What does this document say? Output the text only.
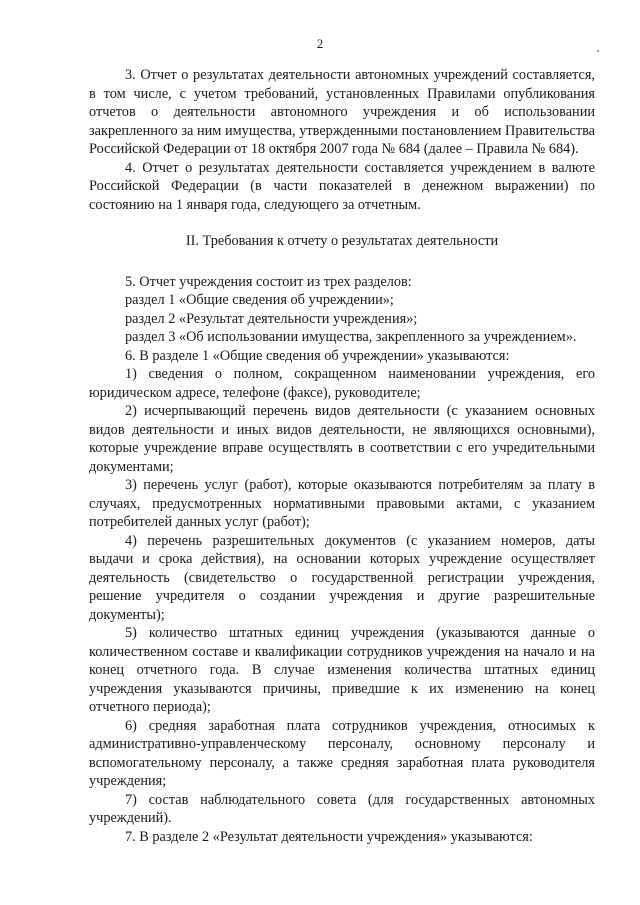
2

3. Отчет о результатах деятельности автономных учреждений составляется, в том числе, с учетом требований, установленных Правилами опубликования отчетов о деятельности автономного учреждения и об использовании закрепленного за ним имущества, утвержденными постановлением Правительства Российской Федерации от 18 октября 2007 года № 684 (далее – Правила № 684).

4. Отчет о результатах деятельности составляется учреждением в валюте Российской Федерации (в части показателей в денежном выражении) по состоянию на 1 января года, следующего за отчетным.

II. Требования к отчету о результатах деятельности

5. Отчет учреждения состоит из трех разделов:

раздел 1 «Общие сведения об учреждении»;

раздел 2 «Результат деятельности учреждения»;

раздел 3 «Об использовании имущества, закрепленного за учреждением».

6. В разделе 1 «Общие сведения об учреждении» указываются:

1) сведения о полном, сокращенном наименовании учреждения, его юридическом адресе, телефоне (факсе), руководителе;

2) исчерпывающий перечень видов деятельности (с указанием основных видов деятельности и иных видов деятельности, не являющихся основными), которые учреждение вправе осуществлять в соответствии с его учредительными документами;

3) перечень услуг (работ), которые оказываются потребителям за плату в случаях, предусмотренных нормативными правовыми актами, с указанием потребителей данных услуг (работ);

4) перечень разрешительных документов (с указанием номеров, даты выдачи и срока действия), на основании которых учреждение осуществляет деятельность (свидетельство о государственной регистрации учреждения, решение учредителя о создании учреждения и другие разрешительные документы);

5) количество штатных единиц учреждения (указываются данные о количественном составе и квалификации сотрудников учреждения на начало и на конец отчетного года. В случае изменения количества штатных единиц учреждения указываются причины, приведшие к их изменению на конец отчетного периода);

6) средняя заработная плата сотрудников учреждения, относимых к административно-управленческому персоналу, основному персоналу и вспомогательному персоналу, а также средняя заработная плата руководителя учреждения;

7) состав наблюдательного совета (для государственных автономных учреждений).

7. В разделе 2 «Результат деятельности учреждения» указываются:
